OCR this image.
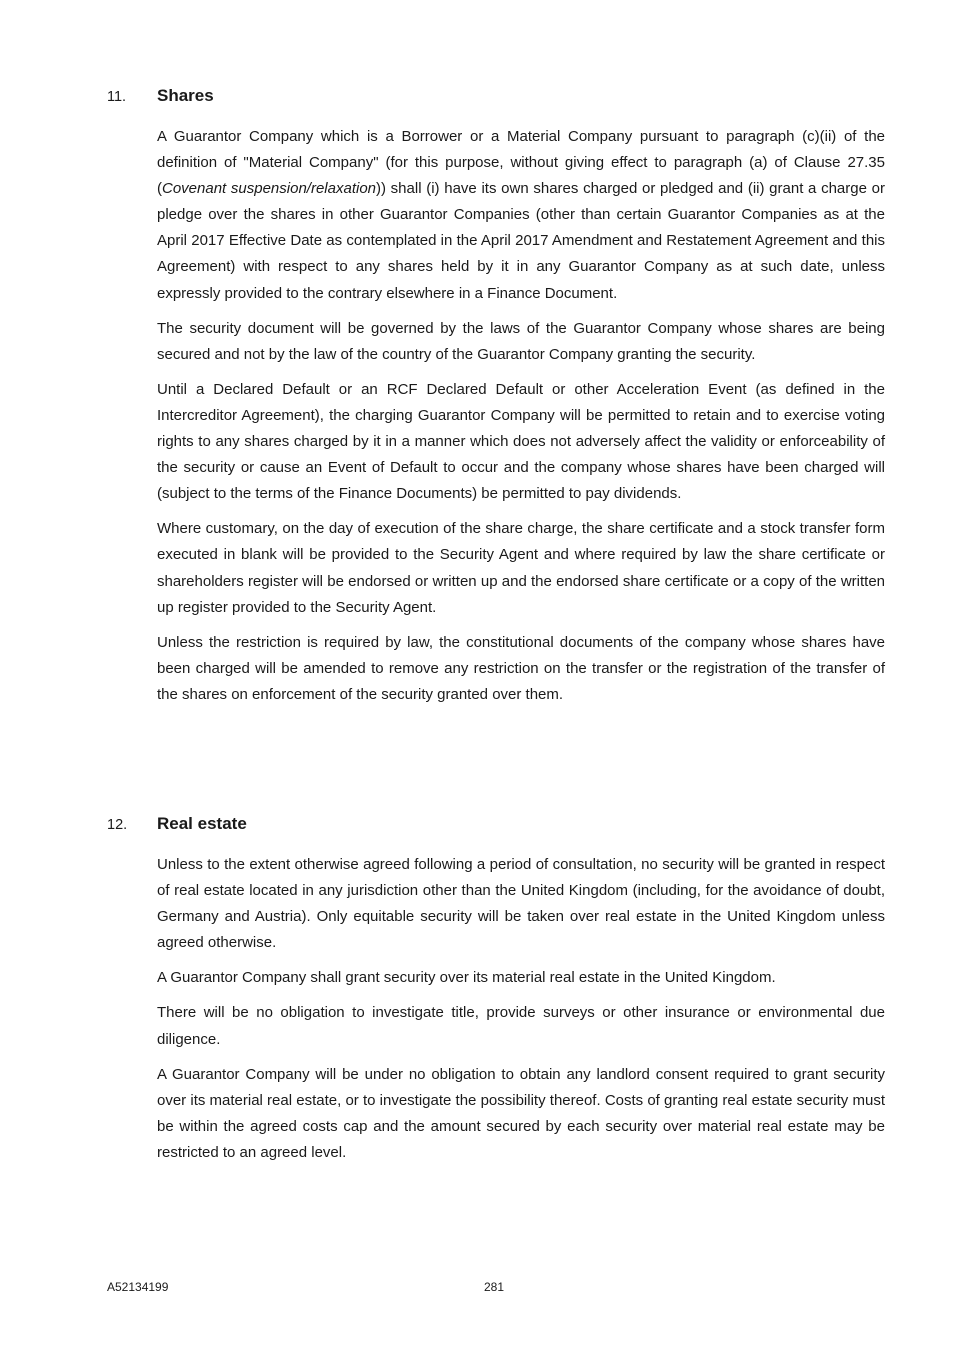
11.	Shares

A Guarantor Company which is a Borrower or a Material Company pursuant to paragraph (c)(ii) of the definition of "Material Company" (for this purpose, without giving effect to paragraph (a) of Clause 27.35 (Covenant suspension/relaxation)) shall (i) have its own shares charged or pledged and (ii) grant a charge or pledge over the shares in other Guarantor Companies (other than certain Guarantor Companies as at the April 2017 Effective Date as contemplated in the April 2017 Amendment and Restatement Agreement and this Agreement) with respect to any shares held by it in any Guarantor Company as at such date, unless expressly provided to the contrary elsewhere in a Finance Document.

The security document will be governed by the laws of the Guarantor Company whose shares are being secured and not by the law of the country of the Guarantor Company granting the security.

Until a Declared Default or an RCF Declared Default or other Acceleration Event (as defined in the Intercreditor Agreement), the charging Guarantor Company will be permitted to retain and to exercise voting rights to any shares charged by it in a manner which does not adversely affect the validity or enforceability of the security or cause an Event of Default to occur and the company whose shares have been charged will (subject to the terms of the Finance Documents) be permitted to pay dividends.

Where customary, on the day of execution of the share charge, the share certificate and a stock transfer form executed in blank will be provided to the Security Agent and where required by law the share certificate or shareholders register will be endorsed or written up and the endorsed share certificate or a copy of the written up register provided to the Security Agent.

Unless the restriction is required by law, the constitutional documents of the company whose shares have been charged will be amended to remove any restriction on the transfer or the registration of the transfer of the shares on enforcement of the security granted over them.

12.	Real estate

Unless to the extent otherwise agreed following a period of consultation, no security will be granted in respect of real estate located in any jurisdiction other than the United Kingdom (including, for the avoidance of doubt, Germany and Austria). Only equitable security will be taken over real estate in the United Kingdom unless agreed otherwise.

A Guarantor Company shall grant security over its material real estate in the United Kingdom.

There will be no obligation to investigate title, provide surveys or other insurance or environmental due diligence.

A Guarantor Company will be under no obligation to obtain any landlord consent required to grant security over its material real estate, or to investigate the possibility thereof. Costs of granting real estate security must be within the agreed costs cap and the amount secured by each security over material real estate may be restricted to an agreed level.

A52134199	281
